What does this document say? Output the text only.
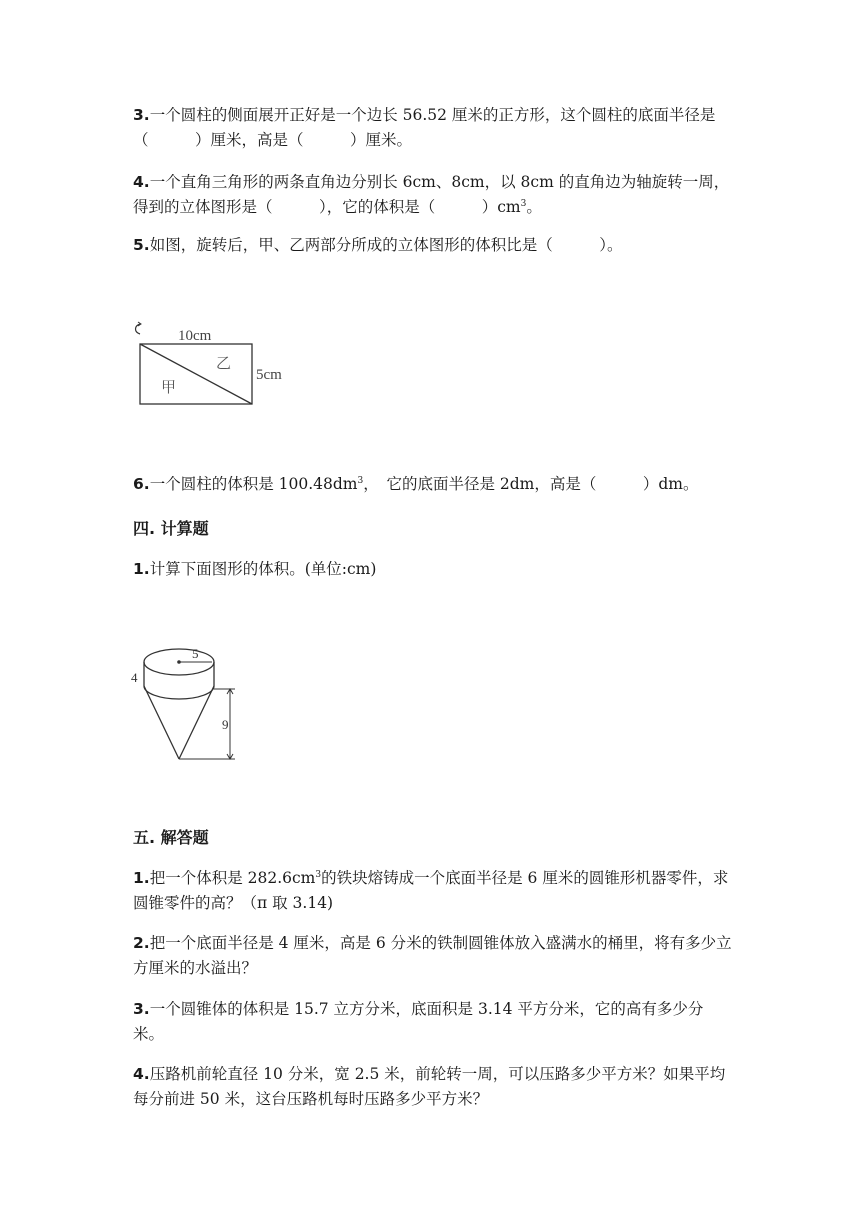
3.一个圆柱的侧面展开正好是一个边长 56.52 厘米的正方形，这个圆柱的底面半径是（　　　）厘米，高是（　　　）厘米。

4.一个直角三角形的两条直角边分别长 6cm、8cm，以 8cm 的直角边为轴旋转一周，得到的立体图形是（　　　），它的体积是（　　　）$cm^3$。

5.如图，旋转后，甲、乙两部分所成的立体图形的体积比是（　　　）。

10cm
5cm
甲
乙

6.一个圆柱的体积是 $100.48dm^3$，　它的底面半径是 2dm，高是（　　　）dm。

四. 计算题

1.计算下面图形的体积。(单位:cm)

5
4
9

五. 解答题

1.把一个体积是 $282.6cm^3$的铁块熔铸成一个底面半径是 6 厘米的圆锥形机器零件，求圆锥零件的高？（π 取 3.14)

2.把一个底面半径是 4 厘米，高是 6 分米的铁制圆锥体放入盛满水的桶里，将有多少立方厘米的水溢出？

3.一个圆锥体的体积是 15.7 立方分米，底面积是 3.14 平方分米，它的高有多少分米。

4.压路机前轮直径 10 分米，宽 2.5 米，前轮转一周，可以压路多少平方米？如果平均每分前进 50 米，这台压路机每时压路多少平方米？
